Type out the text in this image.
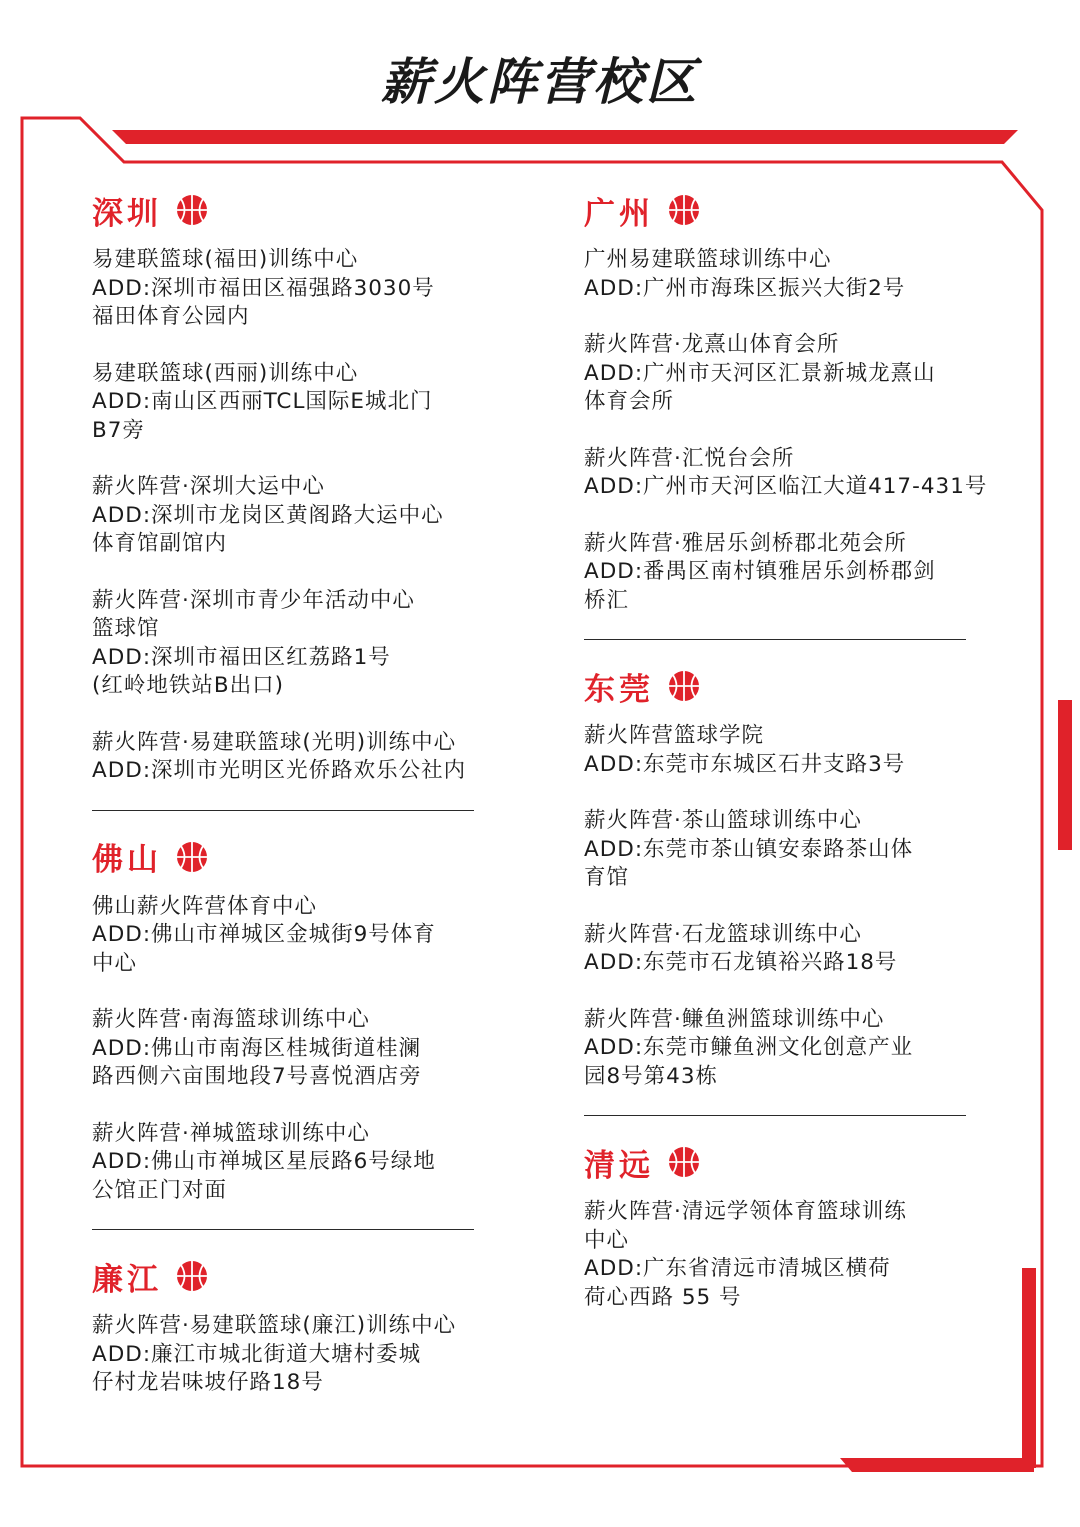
薪火阵营校区
深圳
易建联篮球(福田)训练中心
ADD:深圳市福田区福强路3030号
福田体育公园内
易建联篮球(西丽)训练中心
ADD:南山区西丽TCL国际E城北门
B7旁
薪火阵营·深圳大运中心
ADD:深圳市龙岗区黄阁路大运中心
体育馆副馆内
薪火阵营·深圳市青少年活动中心
篮球馆
ADD:深圳市福田区红荔路1号
(红岭地铁站B出口)
薪火阵营·易建联篮球(光明)训练中心
ADD:深圳市光明区光侨路欢乐公社内
佛山
佛山薪火阵营体育中心
ADD:佛山市禅城区金城街9号体育
中心
薪火阵营·南海篮球训练中心
ADD:佛山市南海区桂城街道桂澜
路西侧六亩围地段7号喜悦酒店旁
薪火阵营·禅城篮球训练中心
ADD:佛山市禅城区星辰路6号绿地
公馆正门对面
廉江
薪火阵营·易建联篮球(廉江)训练中心
ADD:廉江市城北街道大塘村委城
仔村龙岩味坡仔路18号
广州
广州易建联篮球训练中心
ADD:广州市海珠区振兴大街2号
薪火阵营·龙熹山体育会所
ADD:广州市天河区汇景新城龙熹山
体育会所
薪火阵营·汇悦台会所
ADD:广州市天河区临江大道417-431号
薪火阵营·雅居乐剑桥郡北苑会所
ADD:番禺区南村镇雅居乐剑桥郡剑
桥汇
东莞
薪火阵营篮球学院
ADD:东莞市东城区石井支路3号
薪火阵营·茶山篮球训练中心
ADD:东莞市茶山镇安泰路茶山体
育馆
薪火阵营·石龙篮球训练中心
ADD:东莞市石龙镇裕兴路18号
薪火阵营·鳒鱼洲篮球训练中心
ADD:东莞市鳒鱼洲文化创意产业
园8号第43栋
清远
薪火阵营·清远学领体育篮球训练
中心
ADD:广东省清远市清城区横荷
荷心西路 55 号
